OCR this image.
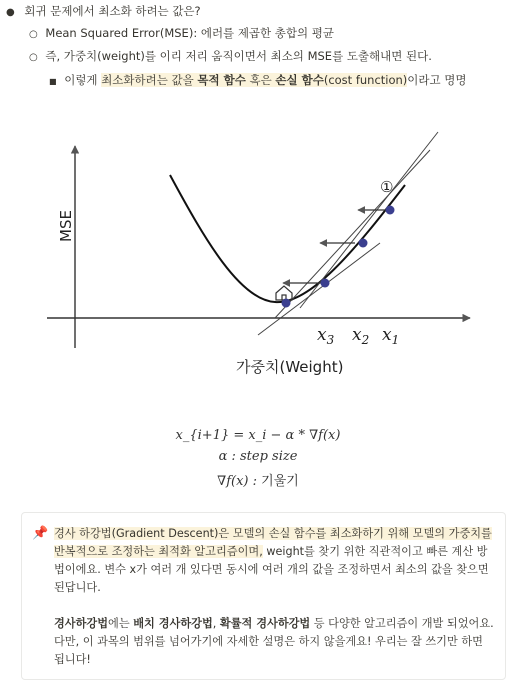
● 회귀 문제에서 최소화 하려는 값은?
○ Mean Squared Error(MSE): 에러를 제곱한 총합의 평균
○ 즉, 가중치(weight)를 이리 저리 움직이면서 최소의 MSE를 도출해내면 된다.
■ 이렇게 최소화하려는 값을 목적 함수 혹은 손실 함수(cost function)이라고 명명
①
MSE
$x_3$ $x_2$ $x_1$
가중치(Weight)
x_{i+1} = x_i − α * ∇f(x)
α : step size
∇f(x) : 기울기
📌 경사 하강법(Gradient Descent)은 모델의 손실 함수를 최소화하기 위해 모델의 가중치를 반복적으로 조정하는 최적화 알고리즘이며, weight를 찾기 위한 직관적이고 빠른 계산 방법이에요. 변수 x가 여러 개 있다면 동시에 여러 개의 값을 조정하면서 최소의 값을 찾으면 된답니다.

경사하강법에는 배치 경사하강법, 확률적 경사하강법 등 다양한 알고리즘이 개발 되었어요. 다만, 이 과목의 범위를 넘어가기에 자세한 설명은 하지 않을게요! 우리는 잘 쓰기만 하면 됩니다!
